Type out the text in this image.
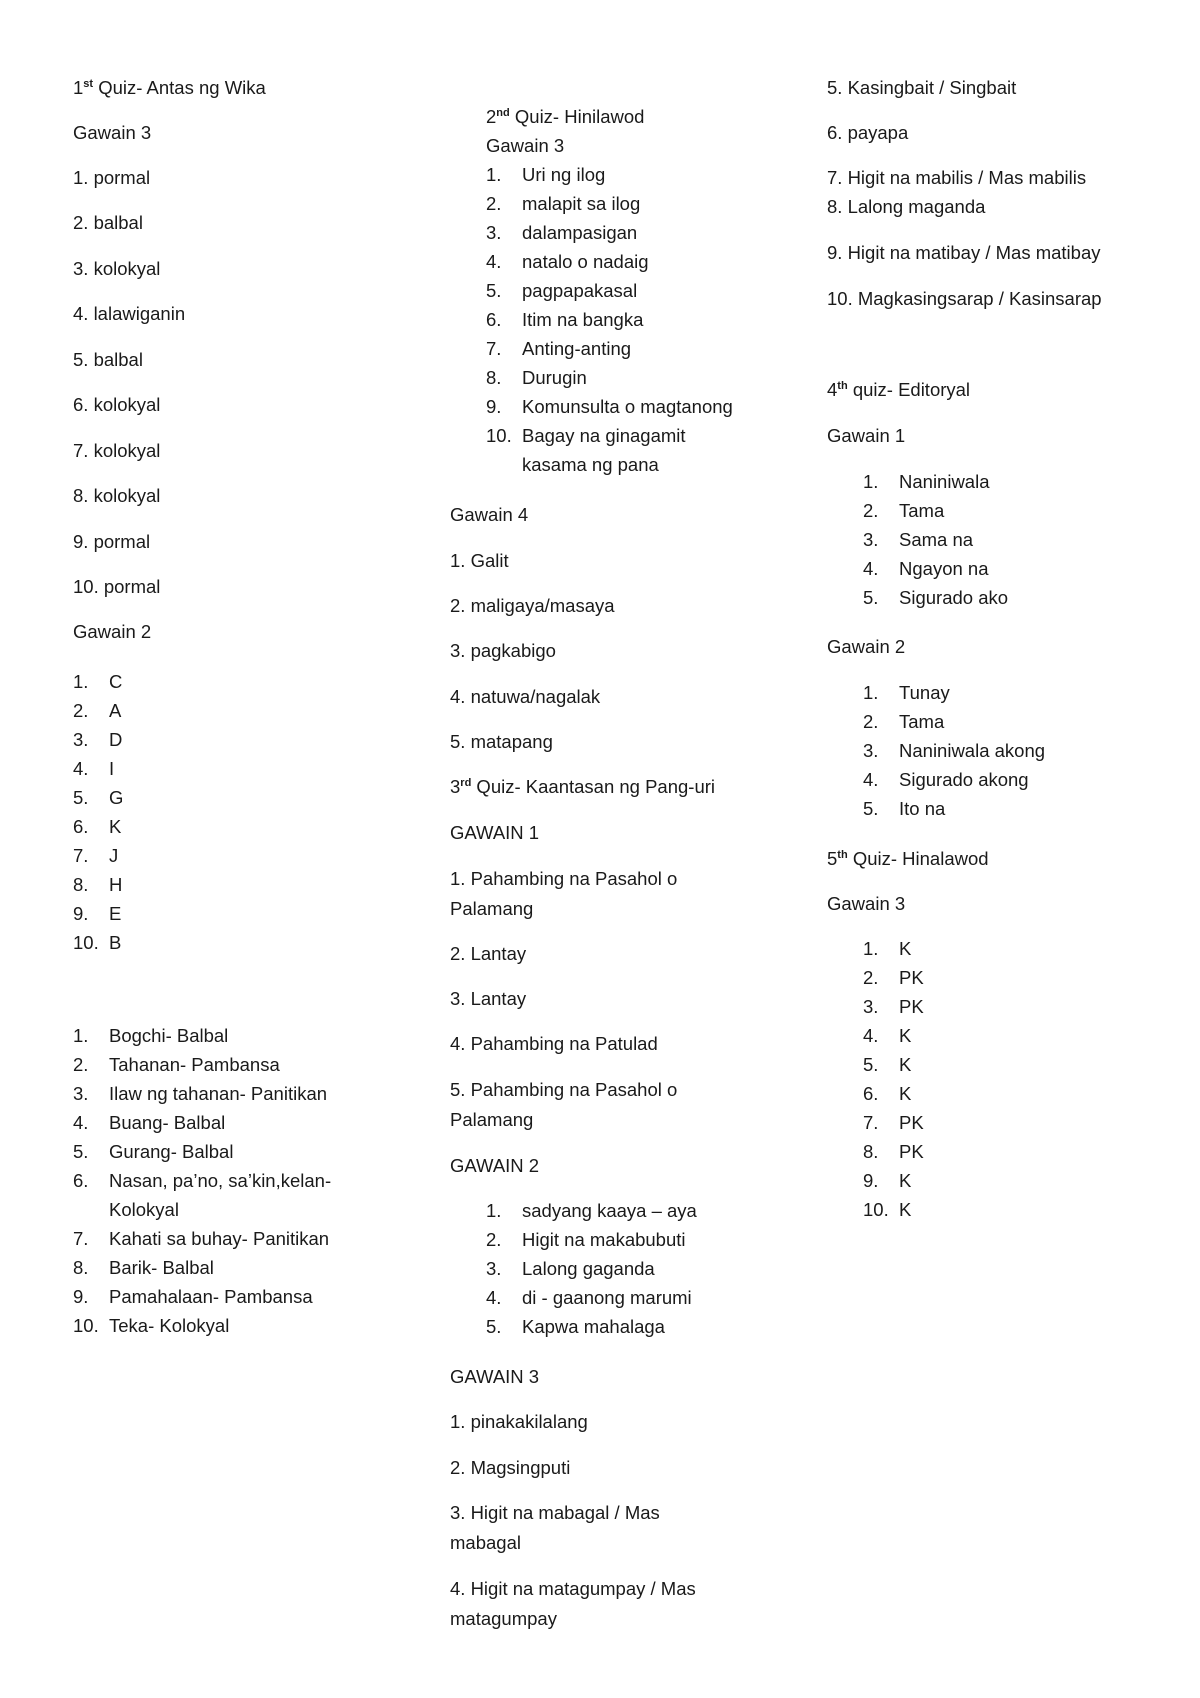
1st Quiz- Antas ng Wika
Gawain 3
1. pormal
2. balbal
3. kolokyal
4. lalawiganin
5. balbal
6. kolokyal
7. kolokyal
8. kolokyal
9. pormal
10. pormal
Gawain 2
1.	C
2.	A
3.	D
4.	I
5.	G
6.	K
7.	J
8.	H
9.	E
10. B
1.	Bogchi- Balbal
2.	Tahanan- Pambansa
3.	Ilaw ng tahanan- Panitikan
4.	Buang- Balbal
5.	Gurang- Balbal
6.	Nasan, pa’no, sa’kin,kelan- Kolokyal
7.	Kahati sa buhay- Panitikan
8.	Barik- Balbal
9.	Pamahalaan- Pambansa
10. Teka- Kolokyal
2nd Quiz- Hinilawod
Gawain 3
1.	Uri ng ilog
2.	malapit sa ilog
3.	dalampasigan
4.	natalo o nadaig
5.	pagpapakasal
6.	Itim na bangka
7.	Anting-anting
8.	Durugin
9.	Komunsulta o magtanong
10. Bagay na ginagamit kasama ng pana
Gawain 4
1. Galit
2. maligaya/masaya
3. pagkabigo
4. natuwa/nagalak
5. matapang
3rd Quiz- Kaantasan ng Pang-uri
GAWAIN 1
1. Pahambing na Pasahol o Palamang
2. Lantay
3. Lantay
4. Pahambing na Patulad
5. Pahambing na Pasahol o Palamang
GAWAIN 2
1.	sadyang kaaya – aya
2.	Higit na makabubuti
3.	Lalong gaganda
4.	di - gaanong marumi
5.	Kapwa mahalaga
GAWAIN 3
1. pinakakilalang
2. Magsingputi
3. Higit na mabagal / Mas mabagal
4. Higit na matagumpay / Mas matagumpay
5. Kasingbait / Singbait
6. payapa
7. Higit na mabilis / Mas mabilis
8. Lalong maganda
9. Higit na matibay / Mas matibay
10. Magkasingsarap / Kasinsarap
4th quiz- Editoryal
Gawain 1
1.	Naniniwala
2.	Tama
3.	Sama na
4.	Ngayon na
5.	Sigurado ako
Gawain 2
1.	Tunay
2.	Tama
3.	Naniniwala akong
4.	Sigurado akong
5.	Ito na
5th Quiz- Hinalawod
Gawain 3
1.	K
2.	PK
3.	PK
4.	K
5.	K
6.	K
7.	PK
8.	PK
9.	K
10. K
